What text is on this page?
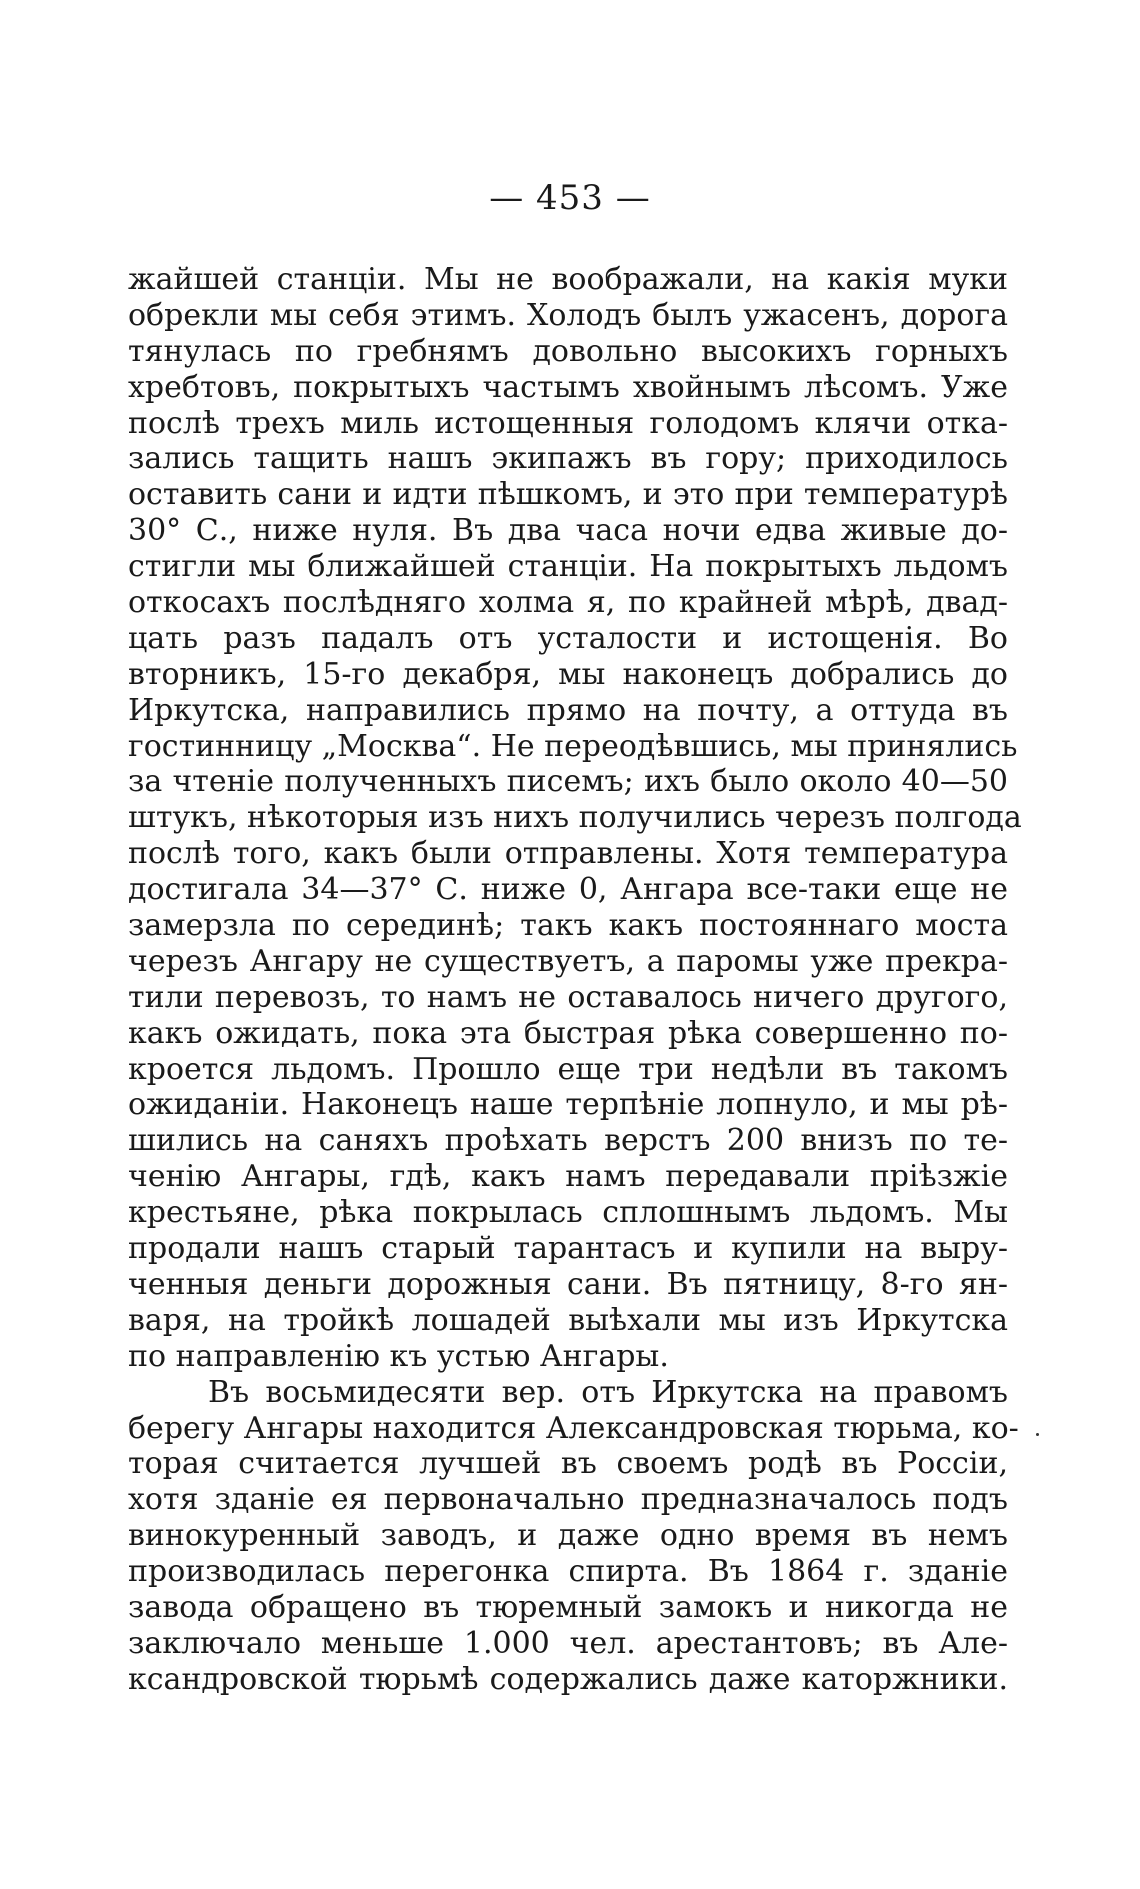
— 453 —
жайшей станціи. Мы не воображали, на какія муки
обрекли мы себя этимъ. Холодъ былъ ужасенъ, дорога
тянулась по гребнямъ довольно высокихъ горныхъ
хребтовъ, покрытыхъ частымъ хвойнымъ лѣсомъ. Уже
послѣ трехъ миль истощенныя голодомъ клячи отка-
зались тащить нашъ экипажъ въ гору; приходилось
оставить сани и идти пѣшкомъ, и это при температурѣ
30° С., ниже нуля. Въ два часа ночи едва живые до-
стигли мы ближайшей станціи. На покрытыхъ льдомъ
откосахъ послѣдняго холма я, по крайней мѣрѣ, двад-
цать разъ падалъ отъ усталости и истощенія. Во
вторникъ, 15-го декабря, мы наконецъ добрались до
Иркутска, направились прямо на почту, а оттуда въ
гостинницу „Москва“. Не переодѣвшись, мы принялись
за чтеніе полученныхъ писемъ; ихъ было около 40—50
штукъ, нѣкоторыя изъ нихъ получились черезъ полгода
послѣ того, какъ были отправлены. Хотя температура
достигала 34—37° С. ниже 0, Ангара все-таки еще не
замерзла по серединѣ; такъ какъ постояннаго моста
черезъ Ангару не существуетъ, а паромы уже прекра-
тили перевозъ, то намъ не оставалось ничего другого,
какъ ожидать, пока эта быстрая рѣка совершенно по-
кроется льдомъ. Прошло еще три недѣли въ такомъ
ожиданіи. Наконецъ наше терпѣніе лопнуло, и мы рѣ-
шились на саняхъ проѣхать верстъ 200 внизъ по те-
ченію Ангары, гдѣ, какъ намъ передавали пріѣзжіе
крестьяне, рѣка покрылась сплошнымъ льдомъ. Мы
продали нашъ старый тарантасъ и купили на выру-
ченныя деньги дорожныя сани. Въ пятницу, 8-го ян-
варя, на тройкѣ лошадей выѣхали мы изъ Иркутска
по направленію къ устью Ангары.
Въ восьмидесяти вер. отъ Иркутска на правомъ
берегу Ангары находится Александровская тюрьма, ко-
торая считается лучшей въ своемъ родѣ въ Россіи,
хотя зданіе ея первоначально предназначалось подъ
винокуренный заводъ, и даже одно время въ немъ
производилась перегонка спирта. Въ 1864 г. зданіе
завода обращено въ тюремный замокъ и никогда не
заключало меньше 1.000 чел. арестантовъ; въ Але-
ксандровской тюрьмѣ содержались даже каторжники.
